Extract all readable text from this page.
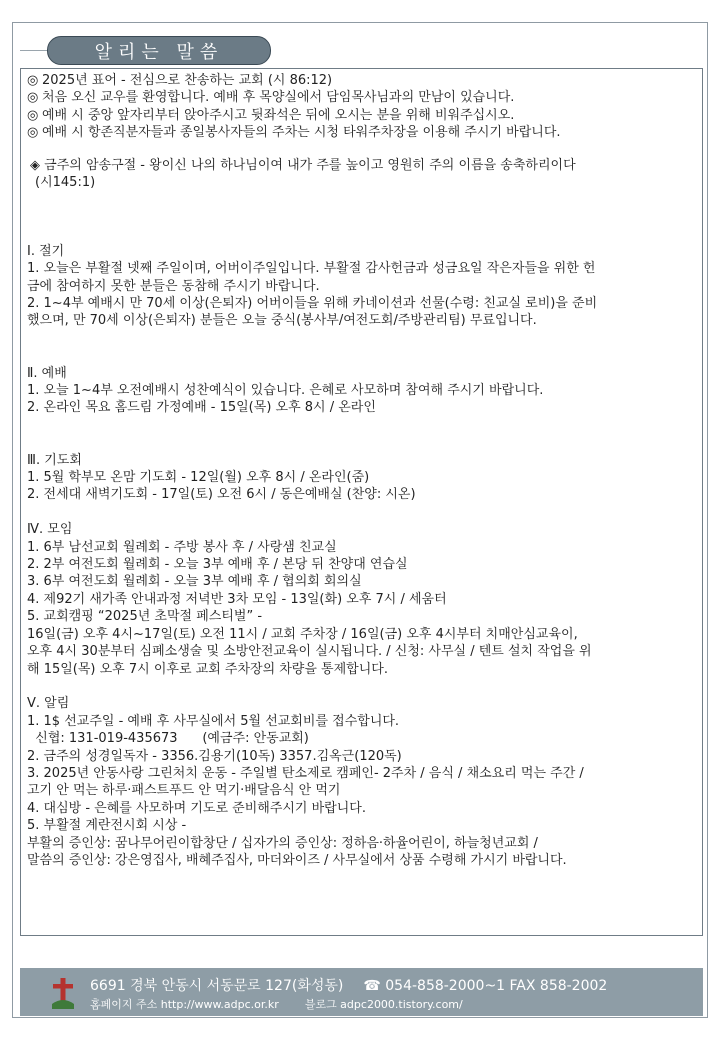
알리는 말씀

◎ 2025년 표어 - 전심으로 찬송하는 교회 (시 86:12)

◎ 처음 오신 교우를 환영합니다. 예배 후 목양실에서 담임목사님과의 만남이 있습니다.

◎ 예배 시 중앙 앞자리부터 앉아주시고 뒷좌석은 뒤에 오시는 분을 위해 비워주십시오.

◎ 예배 시 항존직분자들과 종일봉사자들의 주차는 시청 타워주차장을 이용해 주시기 바랍니다.

◈ 금주의 암송구절 - 왕이신 나의 하나님이여 내가 주를 높이고 영원히 주의 이름을 송축하리이다

(시145:1)

Ⅰ. 절기

1. 오늘은 부활절 넷째 주일이며, 어버이주일입니다. 부활절 감사헌금과 성금요일 작은자들을 위한 헌

금에 참여하지 못한 분들은 동참해 주시기 바랍니다.

2. 1~4부 예배시 만 70세 이상(은퇴자) 어버이들을 위해 카네이션과 선물(수령: 친교실 로비)을 준비

했으며, 만 70세 이상(은퇴자) 분들은 오늘 중식(봉사부/여전도회/주방관리팀) 무료입니다.

Ⅱ. 예배

1. 오늘 1~4부 오전예배시 성찬예식이 있습니다. 은혜로 사모하며 참여해 주시기 바랍니다.

2. 온라인 목요 홈드림 가정예배 - 15일(목) 오후 8시 / 온라인

Ⅲ. 기도회

1. 5월 학부모 온맘 기도회 - 12일(월) 오후 8시 / 온라인(줌)

2. 전세대 새벽기도회 - 17일(토) 오전 6시 / 동은예배실 (찬양: 시온)

Ⅳ. 모임

1. 6부 남선교회 월례회 - 주방 봉사 후 / 사랑샘 친교실

2. 2부 여전도회 월례회 - 오늘 3부 예배 후 / 본당 뒤 찬양대 연습실

3. 6부 여전도회 월례회 - 오늘 3부 예배 후 / 협의회 회의실

4. 제92기 새가족 안내과정 저녁반 3차 모임 - 13일(화) 오후 7시 / 세움터

5. 교회캠핑 “2025년 초막절 페스티벌” -

16일(금) 오후 4시~17일(토) 오전 11시 / 교회 주차장 / 16일(금) 오후 4시부터 치매안심교육이,

오후 4시 30분부터 심폐소생술 및 소방안전교육이 실시됩니다. / 신청: 사무실 / 텐트 설치 작업을 위

해 15일(목) 오후 7시 이후로 교회 주차장의 차량을 통제합니다.

Ⅴ. 알림

1. 1$ 선교주일 - 예배 후 사무실에서 5월 선교회비를 접수합니다.

신협: 131-019-435673      (예금주: 안동교회)

2. 금주의 성경일독자 - 3356.김용기(10독) 3357.김옥근(120독)

3. 2025년 안동사랑 그린처치 운동 - 주일별 탄소제로 캠페인- 2주차 / 음식 / 채소요리 먹는 주간 /

고기 안 먹는 하루·패스트푸드 안 먹기·배달음식 안 먹기

4. 대심방 - 은혜를 사모하며 기도로 준비해주시기 바랍니다.

5. 부활절 계란전시회 시상 -

부활의 증인상: 꿈나무어린이합창단 / 십자가의 증인상: 정하음·하율어린이, 하늘청년교회 /

말씀의 증인상: 강은영집사, 배혜주집사, 마더와이즈 / 사무실에서 상품 수령해 가시기 바랍니다.

6691 경북 안동시 서동문로 127(화성동) ☎ 054-858-2000~1 FAX 858-2002
홈페이지 주소 http://www.adpc.or.kr 블로그 adpc2000.tistory.com/
